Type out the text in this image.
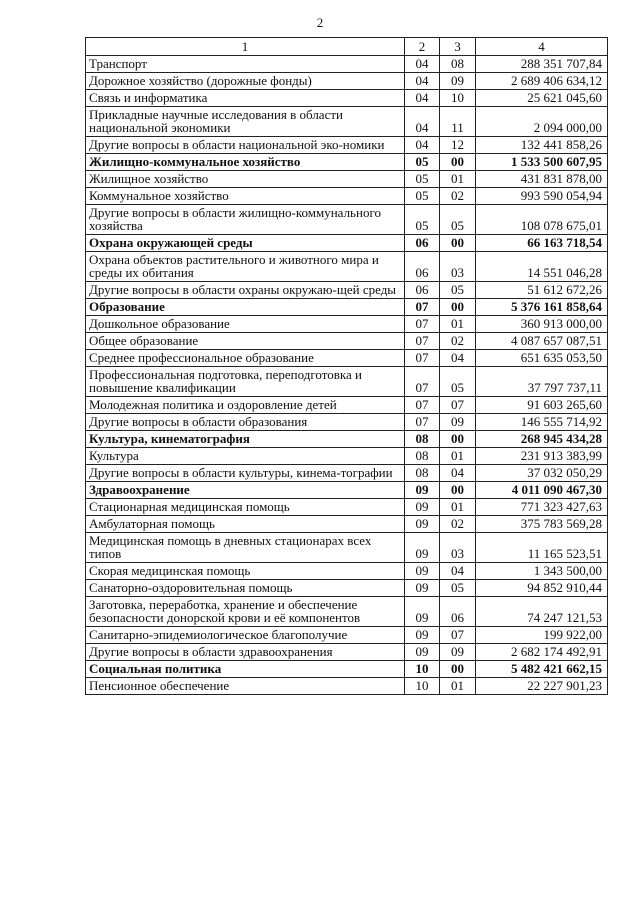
2
1	2	3	4
Транспорт	04	08	288 351 707,84
Дорожное хозяйство (дорожные фонды)	04	09	2 689 406 634,12
Связь и информатика	04	10	25 621 045,60
Прикладные научные исследования в области национальной экономики	04	11	2 094 000,00
Другие вопросы в области национальной эко-номики	04	12	132 441 858,26
Жилищно-коммунальное хозяйство	05	00	1 533 500 607,95
Жилищное хозяйство	05	01	431 831 878,00
Коммунальное хозяйство	05	02	993 590 054,94
Другие вопросы в области жилищно-коммунального хозяйства	05	05	108 078 675,01
Охрана окружающей среды	06	00	66 163 718,54
Охрана объектов растительного и животного мира и среды их обитания	06	03	14 551 046,28
Другие вопросы в области охраны окружаю-щей среды	06	05	51 612 672,26
Образование	07	00	5 376 161 858,64
Дошкольное образование	07	01	360 913 000,00
Общее образование	07	02	4 087 657 087,51
Среднее профессиональное образование	07	04	651 635 053,50
Профессиональная подготовка, переподготовка и повышение квалификации	07	05	37 797 737,11
Молодежная политика и оздоровление детей	07	07	91 603 265,60
Другие вопросы в области образования	07	09	146 555 714,92
Культура, кинематография	08	00	268 945 434,28
Культура	08	01	231 913 383,99
Другие вопросы в области культуры, кинема-тографии	08	04	37 032 050,29
Здравоохранение	09	00	4 011 090 467,30
Стационарная медицинская помощь	09	01	771 323 427,63
Амбулаторная помощь	09	02	375 783 569,28
Медицинская помощь в дневных стационарах всех типов	09	03	11 165 523,51
Скорая медицинская помощь	09	04	1 343 500,00
Санаторно-оздоровительная помощь	09	05	94 852 910,44
Заготовка, переработка, хранение и обеспечение безопасности донорской крови и её компонентов	09	06	74 247 121,53
Санитарно-эпидемиологическое благополучие	09	07	199 922,00
Другие вопросы в области здравоохранения	09	09	2 682 174 492,91
Социальная политика	10	00	5 482 421 662,15
Пенсионное обеспечение	10	01	22 227 901,23
